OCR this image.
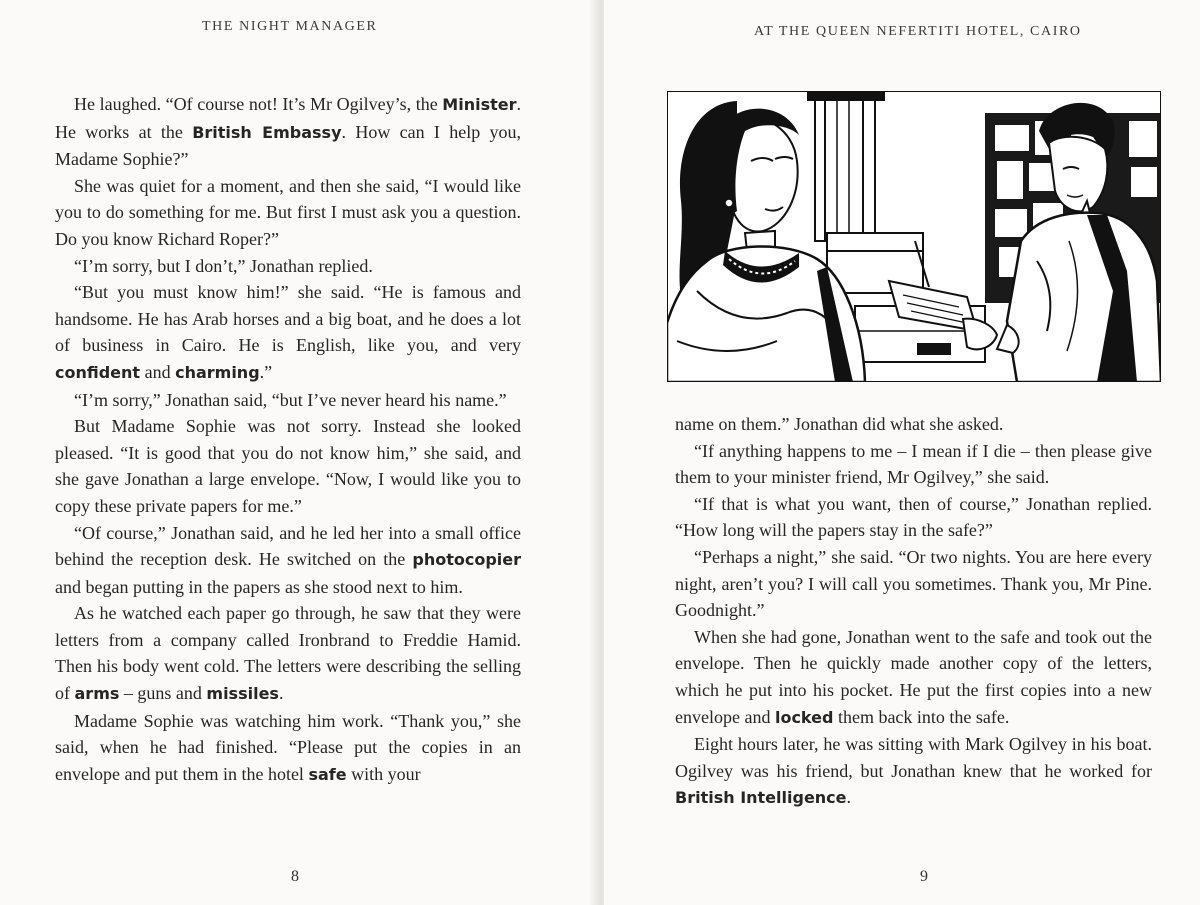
THE NIGHT MANAGER

He laughed. “Of course not! It’s Mr Ogilvey’s, the Minister. He works at the British Embassy. How can I help you, Madame Sophie?”

She was quiet for a moment, and then she said, “I would like you to do something for me. But first I must ask you a question. Do you know Richard Roper?”

“I’m sorry, but I don’t,” Jonathan replied.

“But you must know him!” she said. “He is famous and handsome. He has Arab horses and a big boat, and he does a lot of business in Cairo. He is English, like you, and very confident and charming.”

“I’m sorry,” Jonathan said, “but I’ve never heard his name.”

But Madame Sophie was not sorry. Instead she looked pleased. “It is good that you do not know him,” she said, and she gave Jonathan a large envelope. “Now, I would like you to copy these private papers for me.”

“Of course,” Jonathan said, and he led her into a small office behind the reception desk. He switched on the photocopier and began putting in the papers as she stood next to him.

As he watched each paper go through, he saw that they were letters from a company called Ironbrand to Freddie Hamid. Then his body went cold. The letters were describing the selling of arms – guns and missiles.

Madame Sophie was watching him work. “Thank you,” she said, when he had finished. “Please put the copies in an envelope and put them in the hotel safe with your

8
AT THE QUEEN NEFERTITI HOTEL, CAIRO

name on them.” Jonathan did what she asked.

“If anything happens to me – I mean if I die – then please give them to your minister friend, Mr Ogilvey,” she said.

“If that is what you want, then of course,” Jonathan replied. “How long will the papers stay in the safe?”

“Perhaps a night,” she said. “Or two nights. You are here every night, aren’t you? I will call you sometimes. Thank you, Mr Pine. Goodnight.”

When she had gone, Jonathan went to the safe and took out the envelope. Then he quickly made another copy of the letters, which he put into his pocket. He put the first copies into a new envelope and locked them back into the safe.

Eight hours later, he was sitting with Mark Ogilvey in his boat. Ogilvey was his friend, but Jonathan knew that he worked for British Intelligence.

9
